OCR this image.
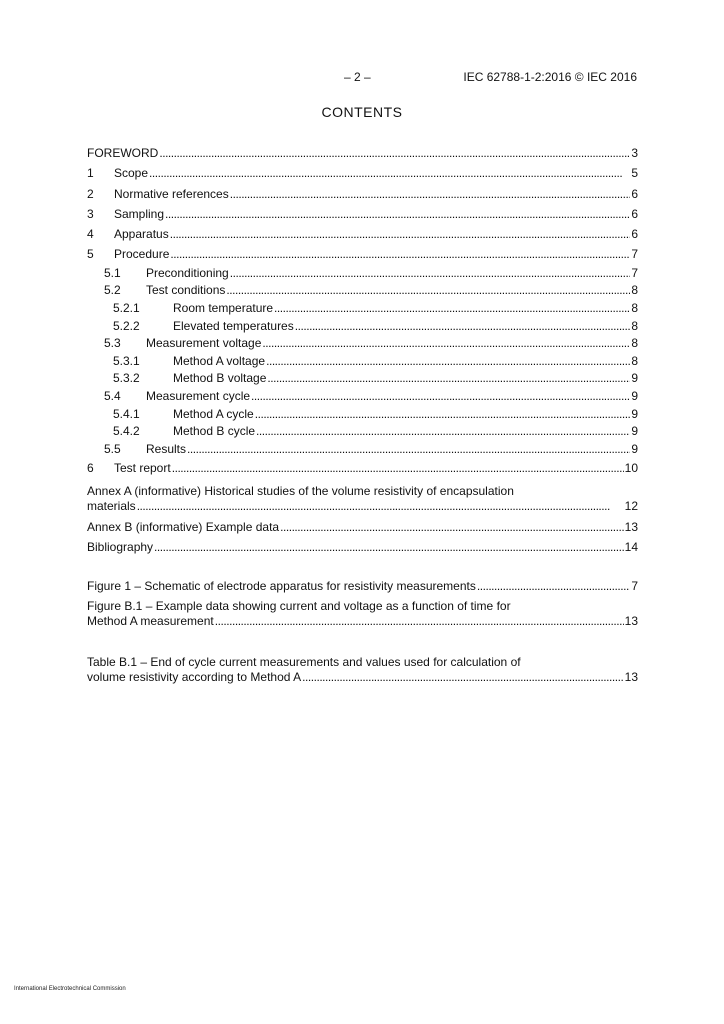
– 2 –	IEC 62788-1-2:2016 © IEC 2016
CONTENTS
FOREWORD . . .	3
1	Scope . . .	5
2	Normative references . . .	6
3	Sampling . . .	6
4	Apparatus . . .	6
5	Procedure . . .	7
5.1	Preconditioning . . .	7
5.2	Test conditions . . .	8
5.2.1	Room temperature . . .	8
5.2.2	Elevated temperatures . . .	8
5.3	Measurement voltage . . .	8
5.3.1	Method A voltage . . .	8
5.3.2	Method B voltage . . .	9
5.4	Measurement cycle . . .	9
5.4.1	Method A cycle . . .	9
5.4.2	Method B cycle . . .	9
5.5	Results . . .	9
6	Test report . . .	10
Annex A (informative) Historical studies of the volume resistivity of encapsulation
materials . . .	12
Annex B (informative) Example data . . .	13
Bibliography . . .	14
Figure 1 – Schematic of electrode apparatus for resistivity measurements . . .	7
Figure B.1 – Example data showing current and voltage as a function of time for
Method A measurement . . .	13
Table B.1 – End of cycle current measurements and values used for calculation of
volume resistivity according to Method A . . .	13
International Electrotechnical Commission
